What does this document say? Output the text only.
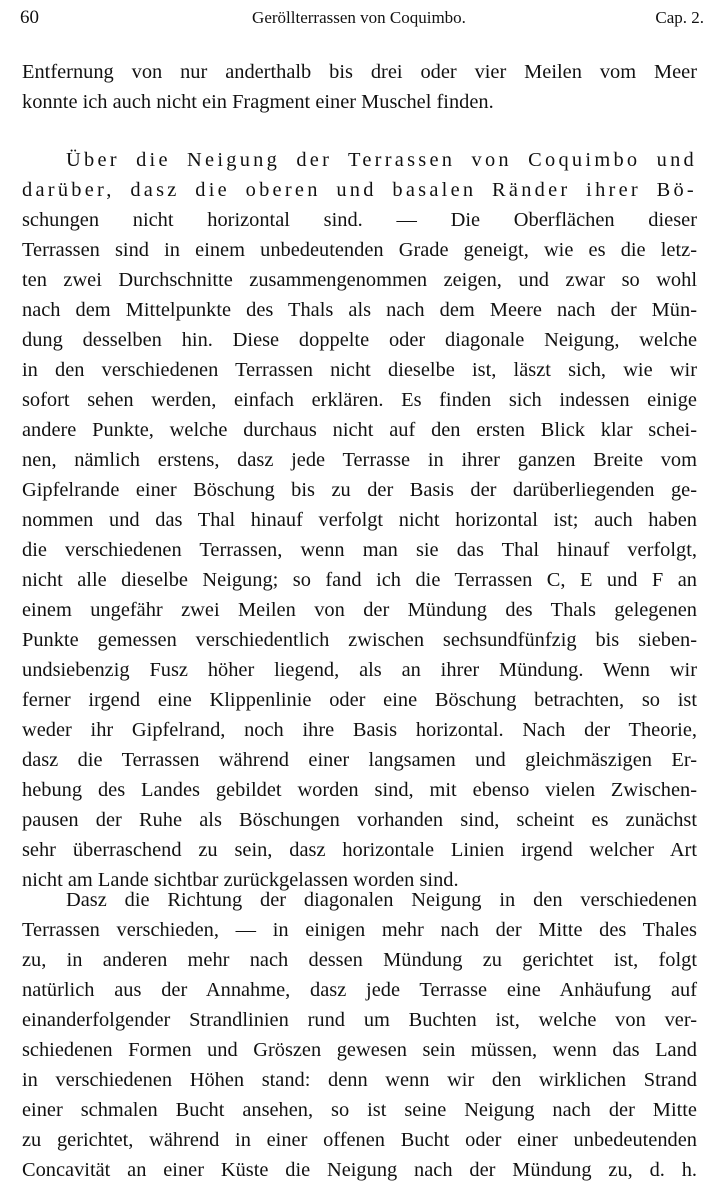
60	Geröllterrassen von Coquimbo.	Cap. 2.
Entfernung von nur anderthalb bis drei oder vier Meilen vom Meer
konnte ich auch nicht ein Fragment einer Muschel finden.
Über die Neigung der Terrassen von Coquimbo und
darüber, dasz die oberen und basalen Ränder ihrer Bö-
schungen nicht horizontal sind. — Die Oberflächen dieser
Terrassen sind in einem unbedeutenden Grade geneigt, wie es die letz-
ten zwei Durchschnitte zusammengenommen zeigen, und zwar so wohl
nach dem Mittelpunkte des Thals als nach dem Meere nach der Mün-
dung desselben hin. Diese doppelte oder diagonale Neigung, welche
in den verschiedenen Terrassen nicht dieselbe ist, läszt sich, wie wir
sofort sehen werden, einfach erklären. Es finden sich indessen einige
andere Punkte, welche durchaus nicht auf den ersten Blick klar schei-
nen, nämlich erstens, dasz jede Terrasse in ihrer ganzen Breite vom
Gipfelrande einer Böschung bis zu der Basis der darüberliegenden ge-
nommen und das Thal hinauf verfolgt nicht horizontal ist; auch haben
die verschiedenen Terrassen, wenn man sie das Thal hinauf verfolgt,
nicht alle dieselbe Neigung; so fand ich die Terrassen C, E und F an
einem ungefähr zwei Meilen von der Mündung des Thals gelegenen
Punkte gemessen verschiedentlich zwischen sechsundfünfzig bis sieben-
undsiebenzig Fusz höher liegend, als an ihrer Mündung. Wenn wir
ferner irgend eine Klippenlinie oder eine Böschung betrachten, so ist
weder ihr Gipfelrand, noch ihre Basis horizontal. Nach der Theorie,
dasz die Terrassen während einer langsamen und gleichmäszigen Er-
hebung des Landes gebildet worden sind, mit ebenso vielen Zwischen-
pausen der Ruhe als Böschungen vorhanden sind, scheint es zunächst
sehr überraschend zu sein, dasz horizontale Linien irgend welcher Art
nicht am Lande sichtbar zurückgelassen worden sind.
Dasz die Richtung der diagonalen Neigung in den verschiedenen
Terrassen verschieden, — in einigen mehr nach der Mitte des Thales
zu, in anderen mehr nach dessen Mündung zu gerichtet ist, folgt
natürlich aus der Annahme, dasz jede Terrasse eine Anhäufung auf
einanderfolgender Strandlinien rund um Buchten ist, welche von ver-
schiedenen Formen und Gröszen gewesen sein müssen, wenn das Land
in verschiedenen Höhen stand: denn wenn wir den wirklichen Strand
einer schmalen Bucht ansehen, so ist seine Neigung nach der Mitte
zu gerichtet, während in einer offenen Bucht oder einer unbedeutenden
Concavität an einer Küste die Neigung nach der Mündung zu, d. h.
